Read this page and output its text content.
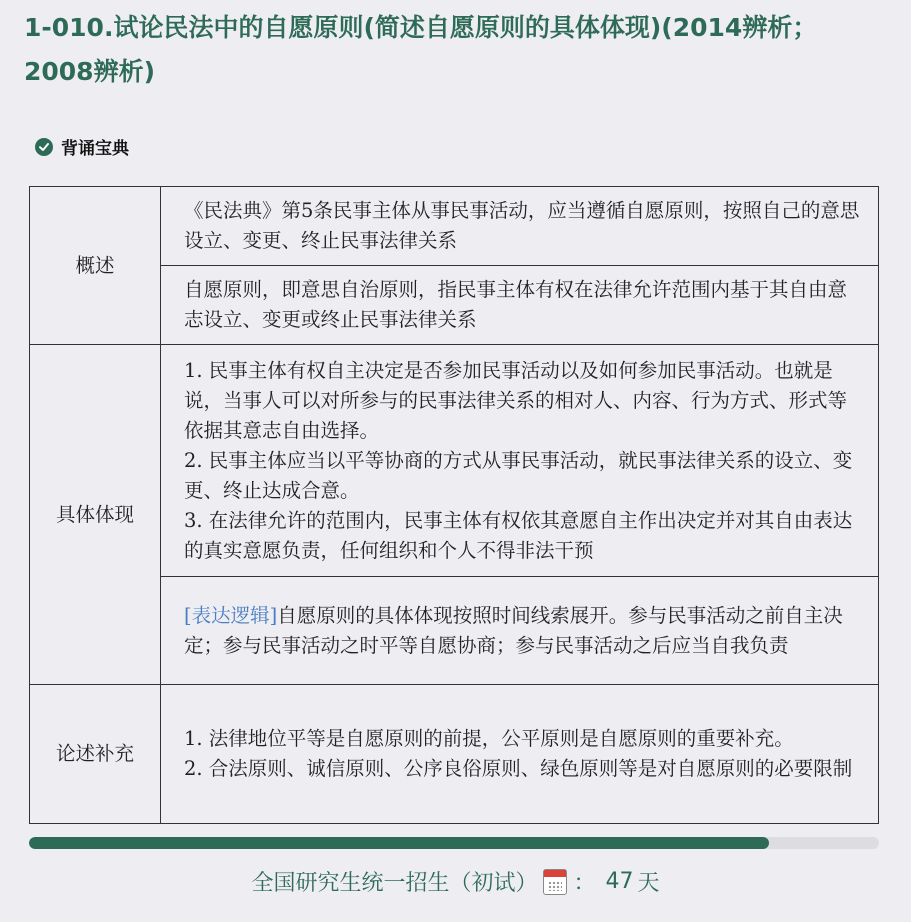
1-010.试论民法中的自愿原则(简述自愿原则的具体体现)(2014辨析；2008辨析)
背诵宝典
概述	《民法典》第5条民事主体从事民事活动，应当遵循自愿原则，按照自己的意思设立、变更、终止民事法律关系
	自愿原则，即意思自治原则，指民事主体有权在法律允许范围内基于其自由意志设立、变更或终止民事法律关系
具体体现	1. 民事主体有权自主决定是否参加民事活动以及如何参加民事活动。也就是说，当事人可以对所参与的民事法律关系的相对人、内容、行为方式、形式等依据其意志自由选择。
2. 民事主体应当以平等协商的方式从事民事活动，就民事法律关系的设立、变更、终止达成合意。
3. 在法律允许的范围内，民事主体有权依其意愿自主作出决定并对其自由表达的真实意愿负责，任何组织和个人不得非法干预

	[表达逻辑]自愿原则的具体体现按照时间线索展开。参与民事活动之前自主决定；参与民事活动之时平等自愿协商；参与民事活动之后应当自我负责
论述补充	1. 法律地位平等是自愿原则的前提，公平原则是自愿原则的重要补充。
2. 合法原则、诚信原则、公序良俗原则、绿色原则等是对自愿原则的必要限制
全国研究生统一招生（初试） ： 47 天
